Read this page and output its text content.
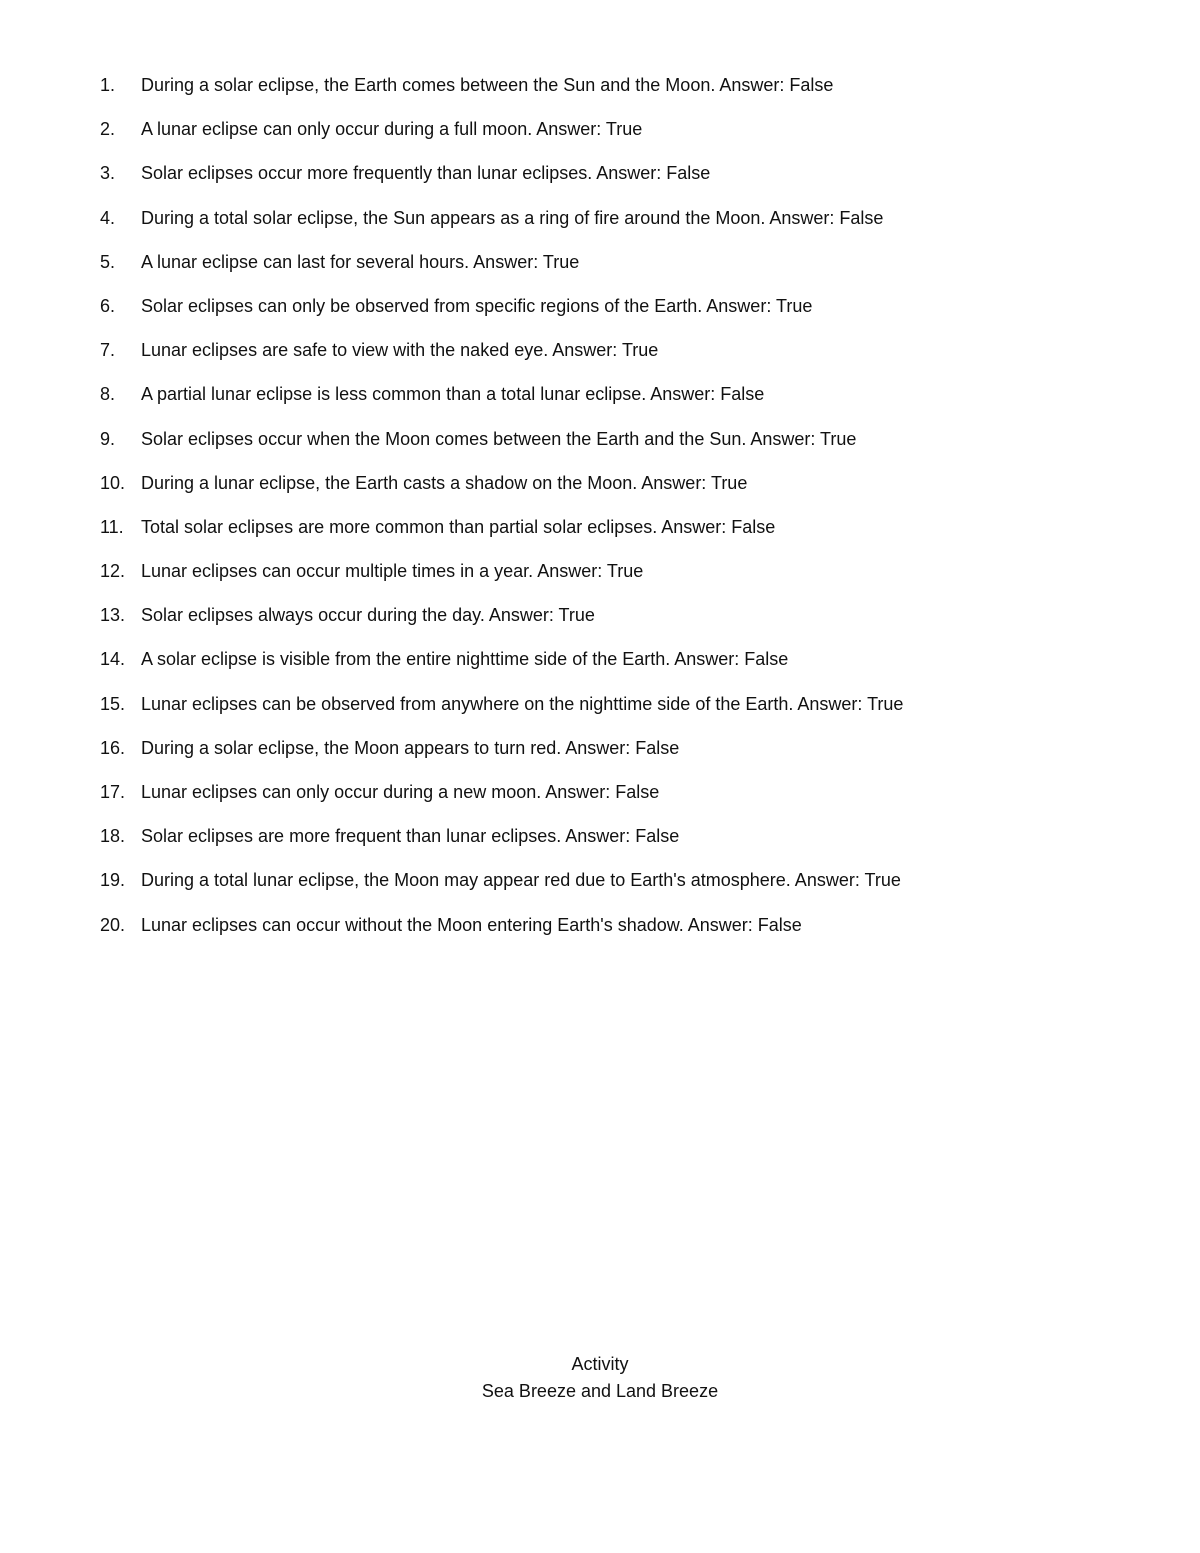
1.	During a solar eclipse, the Earth comes between the Sun and the Moon. Answer: False
2.	A lunar eclipse can only occur during a full moon. Answer: True
3.	Solar eclipses occur more frequently than lunar eclipses. Answer: False
4.	During a total solar eclipse, the Sun appears as a ring of fire around the Moon. Answer: False
5.	A lunar eclipse can last for several hours. Answer: True
6.	Solar eclipses can only be observed from specific regions of the Earth. Answer: True
7.	Lunar eclipses are safe to view with the naked eye. Answer: True
8.	A partial lunar eclipse is less common than a total lunar eclipse. Answer: False
9.	Solar eclipses occur when the Moon comes between the Earth and the Sun. Answer: True
10. During a lunar eclipse, the Earth casts a shadow on the Moon. Answer: True
11. Total solar eclipses are more common than partial solar eclipses. Answer: False
12. Lunar eclipses can occur multiple times in a year. Answer: True
13. Solar eclipses always occur during the day. Answer: True
14. A solar eclipse is visible from the entire nighttime side of the Earth. Answer: False
15. Lunar eclipses can be observed from anywhere on the nighttime side of the Earth. Answer: True
16. During a solar eclipse, the Moon appears to turn red. Answer: False
17. Lunar eclipses can only occur during a new moon. Answer: False
18. Solar eclipses are more frequent than lunar eclipses. Answer: False
19. During a total lunar eclipse, the Moon may appear red due to Earth's atmosphere. Answer: True
20. Lunar eclipses can occur without the Moon entering Earth's shadow. Answer: False
Activity
Sea Breeze and Land Breeze
